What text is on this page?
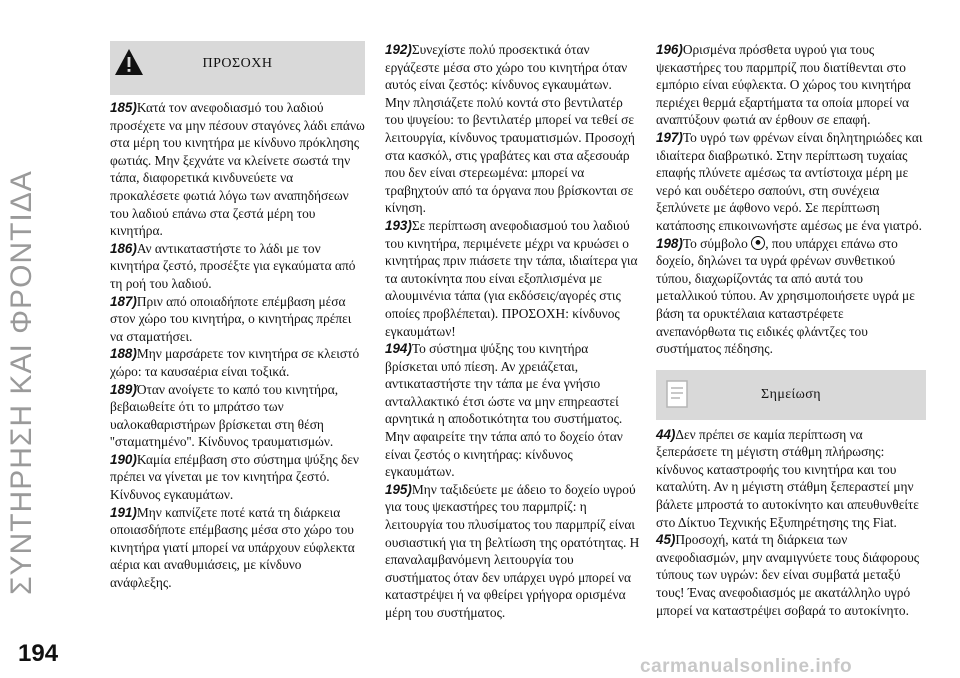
ΣΥΝΤΗΡΗΣΗ ΚΑΙ ΦΡΟΝΤΙΔΑ
ΠΡΟΣΟΧΗ

185)Κατά τον ανεφοδιασμό του λαδιού προσέχετε να μην πέσουν σταγόνες λάδι επάνω στα μέρη του κινητήρα με κίνδυνο πρόκλησης φωτιάς. Μην ξεχνάτε να κλείνετε σωστά την τάπα, διαφορετικά κινδυνεύετε να προκαλέσετε φωτιά λόγω των αναπηδήσεων του λαδιού επάνω στα ζεστά μέρη του κινητήρα.

186)Αν αντικαταστήστε το λάδι με τον κινητήρα ζεστό, προσέξτε για εγκαύματα από τη ροή του λαδιού.

187)Πριν από οποιαδήποτε επέμβαση μέσα στον χώρο του κινητήρα, ο κινητήρας πρέπει να σταματήσει.

188)Μην μαρσάρετε τον κινητήρα σε κλειστό χώρο: τα καυσαέρια είναι τοξικά.

189)Όταν ανοίγετε το καπό του κινητήρα, βεβαιωθείτε ότι το μπράτσο των υαλοκαθαριστήρων βρίσκεται στη θέση ''σταματημένο''. Κίνδυνος τραυματισμών.

190)Καμία επέμβαση στο σύστημα ψύξης δεν πρέπει να γίνεται με τον κινητήρα ζεστό. Κίνδυνος εγκαυμάτων.

191)Μην καπνίζετε ποτέ κατά τη διάρκεια οποιασδήποτε επέμβασης μέσα στο χώρο του κινητήρα γιατί μπορεί να υπάρχουν εύφλεκτα αέρια και αναθυμιάσεις, με κίνδυνο ανάφλεξης.

192)Συνεχίστε πολύ προσεκτικά όταν εργάζεστε μέσα στο χώρο του κινητήρα όταν αυτός είναι ζεστός: κίνδυνος εγκαυμάτων. Μην πλησιάζετε πολύ κοντά στο βεντιλατέρ του ψυγείου: το βεντιλατέρ μπορεί να τεθεί σε λειτουργία, κίνδυνος τραυματισμών. Προσοχή στα κασκόλ, στις γραβάτες και στα αξεσουάρ που δεν είναι στερεωμένα: μπορεί να τραβηχτούν από τα όργανα που βρίσκονται σε κίνηση.

193)Σε περίπτωση ανεφοδιασμού του λαδιού του κινητήρα, περιμένετε μέχρι να κρυώσει ο κινητήρας πριν πιάσετε την τάπα, ιδιαίτερα για τα αυτοκίνητα που είναι εξοπλισμένα με αλουμινένια τάπα (για εκδόσεις/αγορές στις οποίες προβλέπεται). ΠΡΟΣΟΧΗ: κίνδυνος εγκαυμάτων!

194)Το σύστημα ψύξης του κινητήρα βρίσκεται υπό πίεση. Αν χρειάζεται, αντικαταστήστε την τάπα με ένα γνήσιο ανταλλακτικό έτσι ώστε να μην επηρεαστεί αρνητικά η αποδοτικότητα του συστήματος. Μην αφαιρείτε την τάπα από το δοχείο όταν είναι ζεστός ο κινητήρας: κίνδυνος εγκαυμάτων.

195)Μην ταξιδεύετε με άδειο το δοχείο υγρού για τους ψεκαστήρες του παρμπρίζ: η λειτουργία του πλυσίματος του παρμπρίζ είναι ουσιαστική για τη βελτίωση της ορατότητας. Η επαναλαμβανόμενη λειτουργία του συστήματος όταν δεν υπάρχει υγρό μπορεί να καταστρέψει ή να φθείρει γρήγορα ορισμένα μέρη του συστήματος.

196)Ορισμένα πρόσθετα υγρού για τους ψεκαστήρες του παρμπρίζ που διατίθενται στο εμπόριο είναι εύφλεκτα. Ο χώρος του κινητήρα περιέχει θερμά εξαρτήματα τα οποία μπορεί να αναπτύξουν φωτιά αν έρθουν σε επαφή.

197)Το υγρό των φρένων είναι δηλητηριώδες και ιδιαίτερα διαβρωτικό. Στην περίπτωση τυχαίας επαφής πλύνετε αμέσως τα αντίστοιχα μέρη με νερό και ουδέτερο σαπούνι, στη συνέχεια ξεπλύνετε με άφθονο νερό. Σε περίπτωση κατάποσης επικοινωνήστε αμέσως με ένα γιατρό.

198)Το σύμβολο , που υπάρχει επάνω στο δοχείο, δηλώνει τα υγρά φρένων συνθετικού τύπου, διαχωρίζοντάς τα από αυτά του μεταλλικού τύπου. Αν χρησιμοποιήσετε υγρά με βάση τα ορυκτέλαια καταστρέφετε ανεπανόρθωτα τις ειδικές φλάντζες του συστήματος πέδησης.

Σημείωση

44)Δεν πρέπει σε καμία περίπτωση να ξεπεράσετε τη μέγιστη στάθμη πλήρωσης: κίνδυνος καταστροφής του κινητήρα και του καταλύτη. Αν η μέγιστη στάθμη ξεπεραστεί μην βάλετε μπροστά το αυτοκίνητο και απευθυνθείτε στο Δίκτυο Τεχνικής Εξυπηρέτησης της Fiat.

45)Προσοχή, κατά τη διάρκεια των ανεφοδιασμών, μην αναμιγνύετε τους διάφορους τύπους των υγρών: δεν είναι συμβατά μεταξύ τους! Ένας ανεφοδιασμός με ακατάλληλο υγρό μπορεί να καταστρέψει σοβαρά το αυτοκίνητο.

194	carmanualsonline.info
